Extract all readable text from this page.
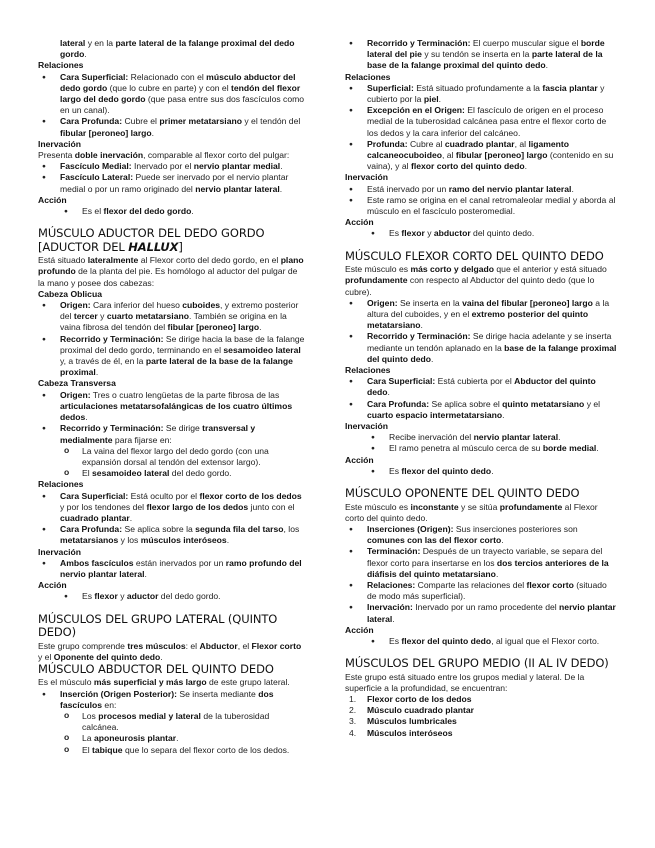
lateral y en la parte lateral de la falange proximal del dedo gordo.
Relaciones
● Cara Superficial: Relacionado con el músculo abductor del dedo gordo (que lo cubre en parte) y con el tendón del flexor largo del dedo gordo (que pasa entre sus dos fascículos como en un canal).
● Cara Profunda: Cubre el primer metatarsiano y el tendón del fibular [peroneo] largo.
Inervación
Presenta doble inervación, comparable al flexor corto del pulgar:
● Fascículo Medial: Inervado por el nervio plantar medial.
● Fascículo Lateral: Puede ser inervado por el nervio plantar medial o por un ramo originado del nervio plantar lateral.
Acción
● Es el flexor del dedo gordo.
MÚSCULO ADUCTOR DEL DEDO GORDO [ADUCTOR DEL HALLUX]
Está situado lateralmente al Flexor corto del dedo gordo, en el plano profundo de la planta del pie. Es homólogo al aductor del pulgar de la mano y posee dos cabezas:
Cabeza Oblicua
● Origen: Cara inferior del hueso cuboides, y extremo posterior del tercer y cuarto metatarsiano. También se origina en la vaina fibrosa del tendón del fibular [peroneo] largo.
● Recorrido y Terminación: Se dirige hacia la base de la falange proximal del dedo gordo, terminando en el sesamoideo lateral y, a través de él, en la parte lateral de la base de la falange proximal.
Cabeza Transversa
● Origen: Tres o cuatro lengüetas de la parte fibrosa de las articulaciones metatarsofalángicas de los cuatro últimos dedos.
● Recorrido y Terminación: Se dirige transversal y medialmente para fijarse en:
o La vaina del flexor largo del dedo gordo (con una expansión dorsal al tendón del extensor largo).
o El sesamoideo lateral del dedo gordo.
Relaciones
● Cara Superficial: Está oculto por el flexor corto de los dedos y por los tendones del flexor largo de los dedos junto con el cuadrado plantar.
● Cara Profunda: Se aplica sobre la segunda fila del tarso, los metatarsianos y los músculos interóseos.
Inervación
● Ambos fascículos están inervados por un ramo profundo del nervio plantar lateral.
Acción
● Es flexor y aductor del dedo gordo.
MÚSCULOS DEL GRUPO LATERAL (QUINTO DEDO)
Este grupo comprende tres músculos: el Abductor, el Flexor corto y el Oponente del quinto dedo.
MÚSCULO ABDUCTOR DEL QUINTO DEDO
Es el músculo más superficial y más largo de este grupo lateral.
● Inserción (Origen Posterior): Se inserta mediante dos fascículos en:
o Los procesos medial y lateral de la tuberosidad calcánea.
o La aponeurosis plantar.
o El tabique que lo separa del flexor corto de los dedos.
● Recorrido y Terminación: El cuerpo muscular sigue el borde lateral del pie y su tendón se inserta en la parte lateral de la base de la falange proximal del quinto dedo.
Relaciones
● Superficial: Está situado profundamente a la fascia plantar y cubierto por la piel.
● Excepción en el Origen: El fascículo de origen en el proceso medial de la tuberosidad calcánea pasa entre el flexor corto de los dedos y la cara inferior del calcáneo.
● Profunda: Cubre al cuadrado plantar, al ligamento calcaneocuboideo, al fibular [peroneo] largo (contenido en su vaina), y al flexor corto del quinto dedo.
Inervación
● Está inervado por un ramo del nervio plantar lateral.
● Este ramo se origina en el canal retromaleolar medial y aborda al músculo en el fascículo posteromedial.
Acción
● Es flexor y abductor del quinto dedo.
MÚSCULO FLEXOR CORTO DEL QUINTO DEDO
Este músculo es más corto y delgado que el anterior y está situado profundamente con respecto al Abductor del quinto dedo (que lo cubre).
● Origen: Se inserta en la vaina del fibular [peroneo] largo a la altura del cuboides, y en el extremo posterior del quinto metatarsiano.
● Recorrido y Terminación: Se dirige hacia adelante y se inserta mediante un tendón aplanado en la base de la falange proximal del quinto dedo.
Relaciones
● Cara Superficial: Está cubierta por el Abductor del quinto dedo.
● Cara Profunda: Se aplica sobre el quinto metatarsiano y el cuarto espacio intermetatarsiano.
Inervación
● Recibe inervación del nervio plantar lateral.
● El ramo penetra al músculo cerca de su borde medial.
Acción
● Es flexor del quinto dedo.
MÚSCULO OPONENTE DEL QUINTO DEDO
Este músculo es inconstante y se sitúa profundamente al Flexor corto del quinto dedo.
● Inserciones (Origen): Sus inserciones posteriores son comunes con las del flexor corto.
● Terminación: Después de un trayecto variable, se separa del flexor corto para insertarse en los dos tercios anteriores de la diáfisis del quinto metatarsiano.
● Relaciones: Comparte las relaciones del flexor corto (situado de modo más superficial).
● Inervación: Inervado por un ramo procedente del nervio plantar lateral.
Acción
● Es flexor del quinto dedo, al igual que el Flexor corto.
MÚSCULOS DEL GRUPO MEDIO (II AL IV DEDO)
Este grupo está situado entre los grupos medial y lateral. De la superficie a la profundidad, se encuentran:
1. Flexor corto de los dedos
2. Músculo cuadrado plantar
3. Músculos lumbricales
4. Músculos interóseos
